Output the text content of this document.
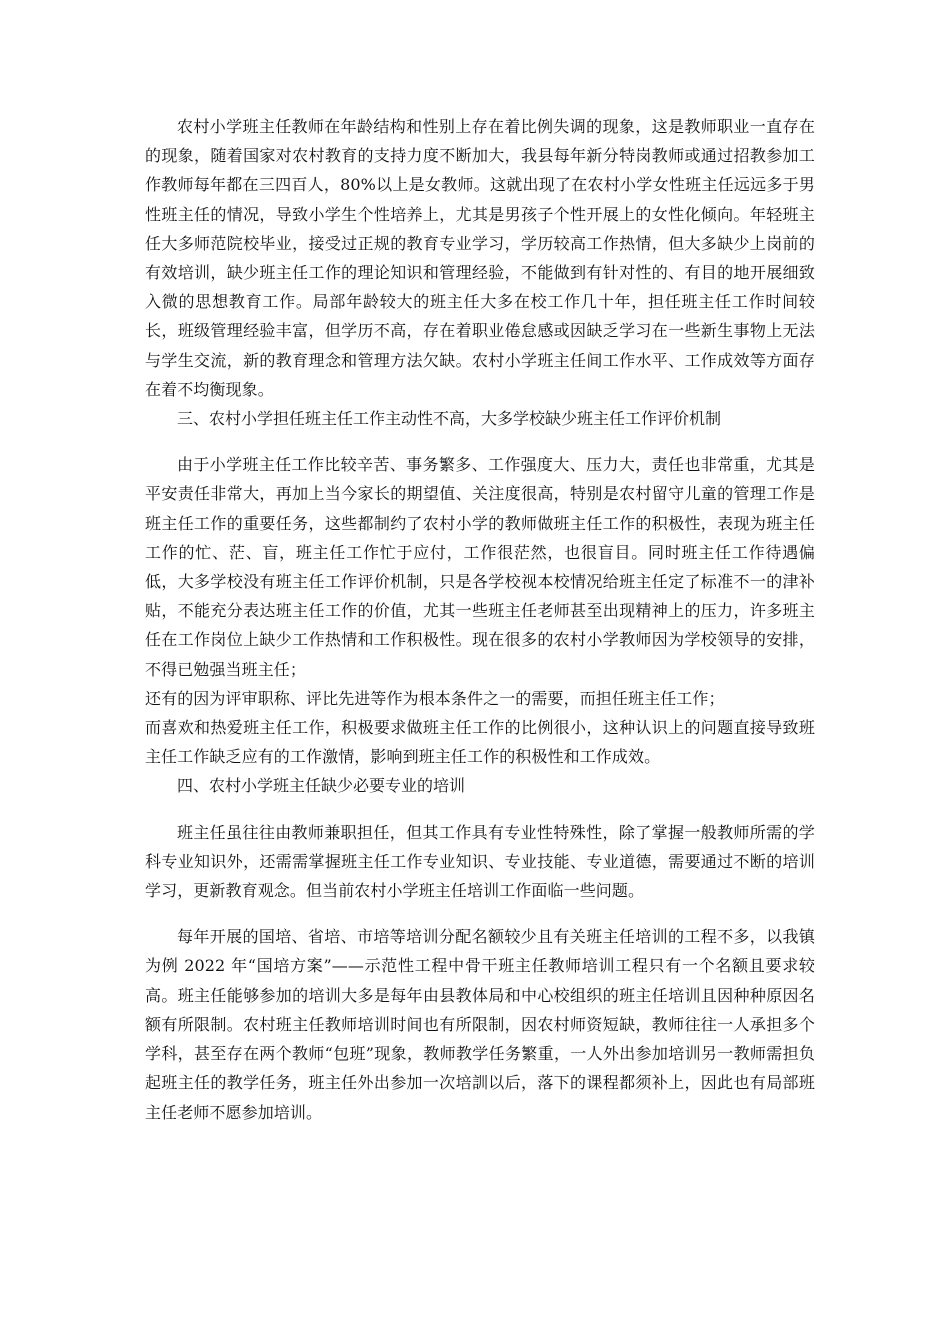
农村小学班主任教师在年龄结构和性别上存在着比例失调的现象，这是教师职业一直存在的现象，随着国家对农村教育的支持力度不断加大，我县每年新分特岗教师或通过招教参加工作教师每年都在三四百人，80%以上是女教师。这就出现了在农村小学女性班主任远远多于男性班主任的情况，导致小学生个性培养上，尤其是男孩子个性开展上的女性化倾向。年轻班主任大多师范院校毕业，接受过正规的教育专业学习，学历较高工作热情，但大多缺少上岗前的有效培训，缺少班主任工作的理论知识和管理经验，不能做到有针对性的、有目的地开展细致入微的思想教育工作。局部年龄较大的班主任大多在校工作几十年，担任班主任工作时间较长，班级管理经验丰富，但学历不高，存在着职业倦怠感或因缺乏学习在一些新生事物上无法与学生交流，新的教育理念和管理方法欠缺。农村小学班主任间工作水平、工作成效等方面存在着不均衡现象。

三、农村小学担任班主任工作主动性不高，大多学校缺少班主任工作评价机制

由于小学班主任工作比较辛苦、事务繁多、工作强度大、压力大，责任也非常重，尤其是平安责任非常大，再加上当今家长的期望值、关注度很高，特别是农村留守儿童的管理工作是班主任工作的重要任务，这些都制约了农村小学的教师做班主任工作的积极性，表现为班主任工作的忙、茫、盲，班主任工作忙于应付，工作很茫然，也很盲目。同时班主任工作待遇偏低，大多学校没有班主任工作评价机制，只是各学校视本校情况给班主任定了标准不一的津补贴，不能充分表达班主任工作的价值，尤其一些班主任老师甚至出现精神上的压力，许多班主任在工作岗位上缺少工作热情和工作积极性。现在很多的农村小学教师因为学校领导的安排，不得已勉强当班主任；

还有的因为评审职称、评比先进等作为根本条件之一的需要，而担任班主任工作；

而喜欢和热爱班主任工作，积极要求做班主任工作的比例很小，这种认识上的问题直接导致班主任工作缺乏应有的工作激情，影响到班主任工作的积极性和工作成效。

四、农村小学班主任缺少必要专业的培训

班主任虽往往由教师兼职担任，但其工作具有专业性特殊性，除了掌握一般教师所需的学科专业知识外，还需需掌握班主任工作专业知识、专业技能、专业道德，需要通过不断的培训学习，更新教育观念。但当前农村小学班主任培训工作面临一些问题。

每年开展的国培、省培、市培等培训分配名额较少且有关班主任培训的工程不多，以我镇为例 2022 年“国培方案”——示范性工程中骨干班主任教师培训工程只有一个名额且要求较高。班主任能够参加的培训大多是每年由县教体局和中心校组织的班主任培训且因种种原因名额有所限制。农村班主任教师培训时间也有所限制，因农村师资短缺，教师往往一人承担多个学科，甚至存在两个教师“包班”现象，教师教学任务繁重，一人外出参加培训另一教师需担负起班主任的教学任务，班主任外出参加一次培訓以后，落下的课程都须补上，因此也有局部班主任老师不愿参加培训。
